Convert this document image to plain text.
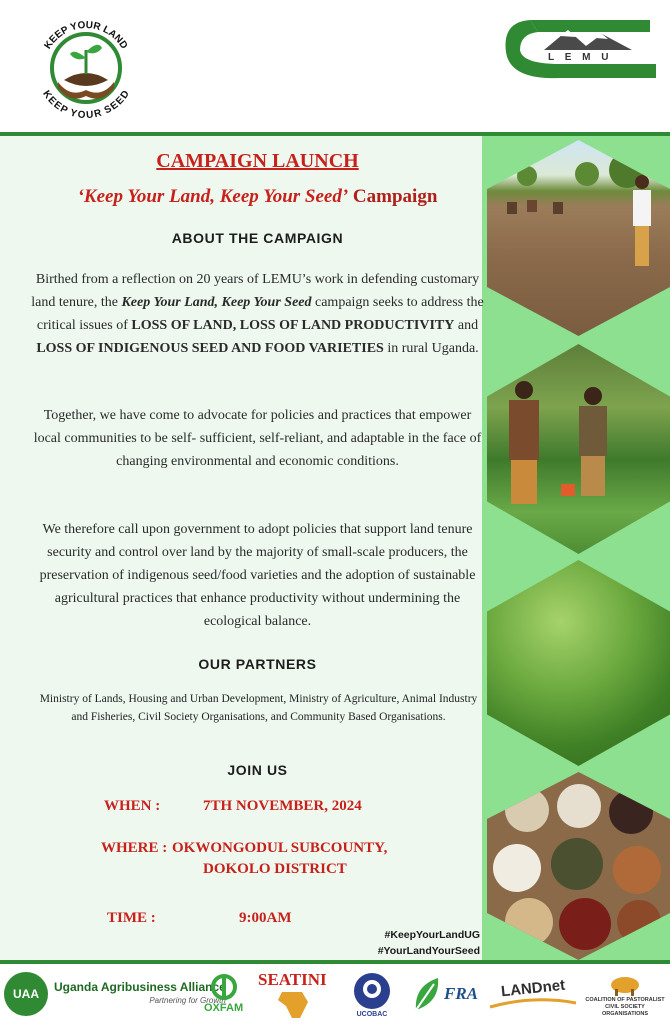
KEEP YOUR LAND
KEEP YOUR SEED
L E M U
CAMPAIGN LAUNCH
‘Keep Your Land, Keep Your Seed’ Campaign
ABOUT THE CAMPAIGN
Birthed from a reflection on 20 years of LEMU’s work in defending customary land tenure, the Keep Your Land, Keep Your Seed campaign seeks to address the critical issues of LOSS OF LAND, LOSS OF LAND PRODUCTIVITY and LOSS OF INDIGENOUS SEED AND FOOD VARIETIES in rural Uganda.
Together, we have come to advocate for policies and practices that empower local communities to be self- sufficient, self-reliant, and adaptable in the face of changing environmental and economic conditions.
We therefore call upon government to adopt policies that support land tenure security and control over land by the majority of small-scale producers, the preservation of indigenous seed/food varieties and the adoption of sustainable agricultural practices that enhance productivity without undermining the ecological balance.
OUR PARTNERS
Ministry of Lands, Housing and Urban Development, Ministry of Agriculture, Animal Industry and Fisheries, Civil Society Organisations, and Community Based Organisations.
JOIN US
WHEN :	7TH NOVEMBER, 2024
WHERE : OKWONGODUL SUBCOUNTY,
DOKOLO DISTRICT
TIME :	9:00AM
#KeepYourLandUG
#YourLandYourSeed
UAA	Uganda Agribusiness Alliance
Partnering for Growth
OXFAM
SEATINI
UCOBAC
FRA LANDnet	COALITION OF PASTORALIST CIVIL SOCIETY ORGANISATIONS
